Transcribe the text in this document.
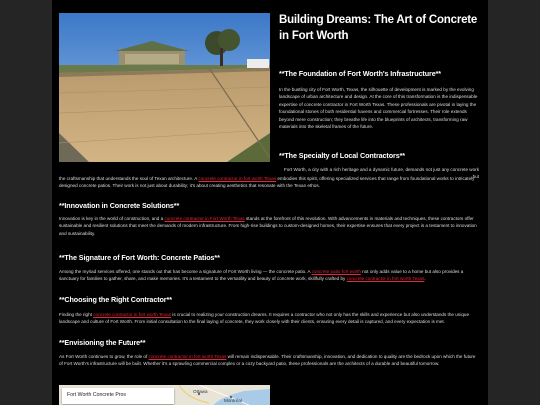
Building Dreams: The Art of Concrete in Fort Worth
**The Foundation of Fort Worth's Infrastructure**

In the bustling city of Fort Worth, Texas, the silhouette of development is marked by the evolving landscape of urban architecture and design. At the core of this transformation is the indispensable expertise of concrete contractor in Fort Worth Texas. These professionals are pivotal in laying the foundational stones of both residential havens and commercial fortresses. Their role extends beyond mere construction; they breathe life into the blueprints of architects, transforming raw materials into the skeletal frames of the future.

**The Specialty of Local Contractors**

Fort Worth, a city with a rich heritage and a dynamic future, demands not just any concrete work but

the craftsmanship that understands the soul of Texan architecture. A concrete contractor in fort worth Texas embodies this spirit, offering specialized services that range from foundational works to intricately designed concrete patios. Their work is not just about durability; it's about creating aesthetics that resonate with the Texan ethos.

**Innovation in Concrete Solutions**

Innovation is key in the world of construction, and a concrete contractor in Fort Worth Texas stands at the forefront of this revolution. With advancements in materials and techniques, these contractors offer sustainable and resilient solutions that meet the demands of modern infrastructure. From high-rise buildings to custom-designed homes, their expertise ensures that every project is a testament to innovation and sustainability.

**The Signature of Fort Worth: Concrete Patios**

Among the myriad services offered, one stands out that has become a signature of Fort Worth living — the concrete patio. A concrete patio fort worth not only adds value to a home but also provides a sanctuary for families to gather, share, and make memories. It's a testament to the versatility and beauty of concrete work, skillfully crafted by concrete contractor in fort worth Texas.

**Choosing the Right Contractor**

Finding the right concrete contractor in fort worth Texas is crucial to realizing your construction dreams. It requires a contractor who not only has the skills and experience but also understands the unique landscape and culture of Fort Worth. From initial consultation to the final laying of concrete, they work closely with their clients, ensuring every detail is captured, and every expectation is met.

**Envisioning the Future**

As Fort Worth continues to grow, the role of concrete contractor in fort worth Texas will remain indispensable. Their craftsmanship, innovation, and dedication to quality are the bedrock upon which the future of Fort Worth's infrastructure will be built. Whether it's a sprawling commercial complex or a cozy backyard patio, these professionals are the architects of a durable and beautiful tomorrow.

Fort Worth Concrete Pros
Ottawa
Montréal
